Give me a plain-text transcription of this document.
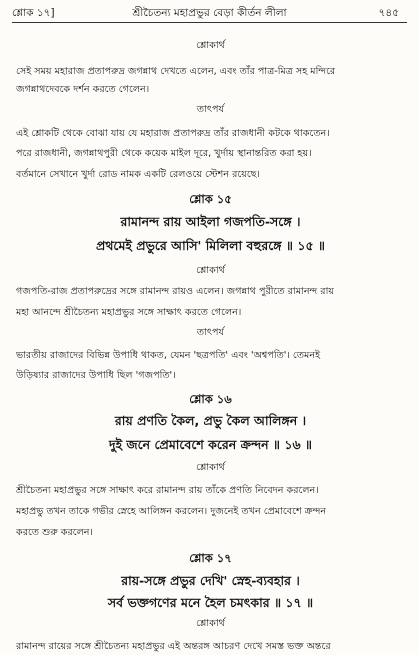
শ্লোক ১৭]	শ্রীচৈতন্য মহাপ্রভুর বেড়া কীর্তন লীলা	৭৪৫
শ্লোকার্থ
সেই সময় মহারাজ প্রতাপরুদ্র জগন্নাথ দেখতে এলেন, এবং তাঁর পাত্র-মিত্র সহ মন্দিরে
জগন্নাথদেবকে দর্শন করতে গেলেন।
তাৎপর্য
এই শ্লোকটি থেকে বোঝা যায় যে মহারাজ প্রতাপরুদ্র তাঁর রাজধানী কটকে থাকতেন।
পরে রাজধানী, জগন্নাথপুরী থেকে কয়েক মাইল দূরে, খুর্দায় স্থানান্তরিত করা হয়।
বর্তমানে সেখানে খুর্দা রোড নামক একটি রেলওয়ে স্টেশন রয়েছে।
শ্লোক ১৫
রামানন্দ রায় আইলা গজপতি-সঙ্গে ।
প্রথমেই প্রভুরে আসি' মিলিলা বহুরঙ্গে ॥ ১৫ ॥
শ্লোকার্থ
গজপতি-রাজ প্রতাপরুদ্রের সঙ্গে রামানন্দ রায়ও এলেন। জগন্নাথ পুরীতে রামানন্দ রায়
মহা আনন্দে শ্রীচৈতন্য মহাপ্রভুর সঙ্গে সাক্ষাৎ করতে গেলেন।
তাৎপর্য
ভারতীয় রাজাদের বিভিন্ন উপাধি থাকত, যেমন 'ছত্রপতি' এবং 'অশ্বপতি'। তেমনই
উড়িষ্যার রাজাদের উপাধি ছিল 'গজপতি'।
শ্লোক ১৬
রায় প্রণতি কৈল, প্রভু কৈল আলিঙ্গন ।
দুই জনে প্রেমাবেশে করেন ক্রন্দন ॥ ১৬ ॥
শ্লোকার্থ
শ্রীচৈতন্য মহাপ্রভুর সঙ্গে সাক্ষাৎ করে রামানন্দ রায় তাঁকে প্রণতি নিবেদন করলেন।
মহাপ্রভু তখন তাকে গভীর স্নেহে আলিঙ্গন করলেন। দুজনেই তখন প্রেমাবেশে ক্রন্দন
করতে শুরু করলেন।
শ্লোক ১৭
রায়-সঙ্গে প্রভুর দেখি' স্নেহ-ব্যবহার ।
সর্ব ভক্তগণের মনে হৈল চমৎকার ॥ ১৭ ॥
শ্লোকার্থ
রামানন্দ রায়ের সঙ্গে শ্রীচৈতন্য মহাপ্রভুর এই অন্তরঙ্গ আচরণ দেখে সমস্ত ভক্ত অন্তরে
